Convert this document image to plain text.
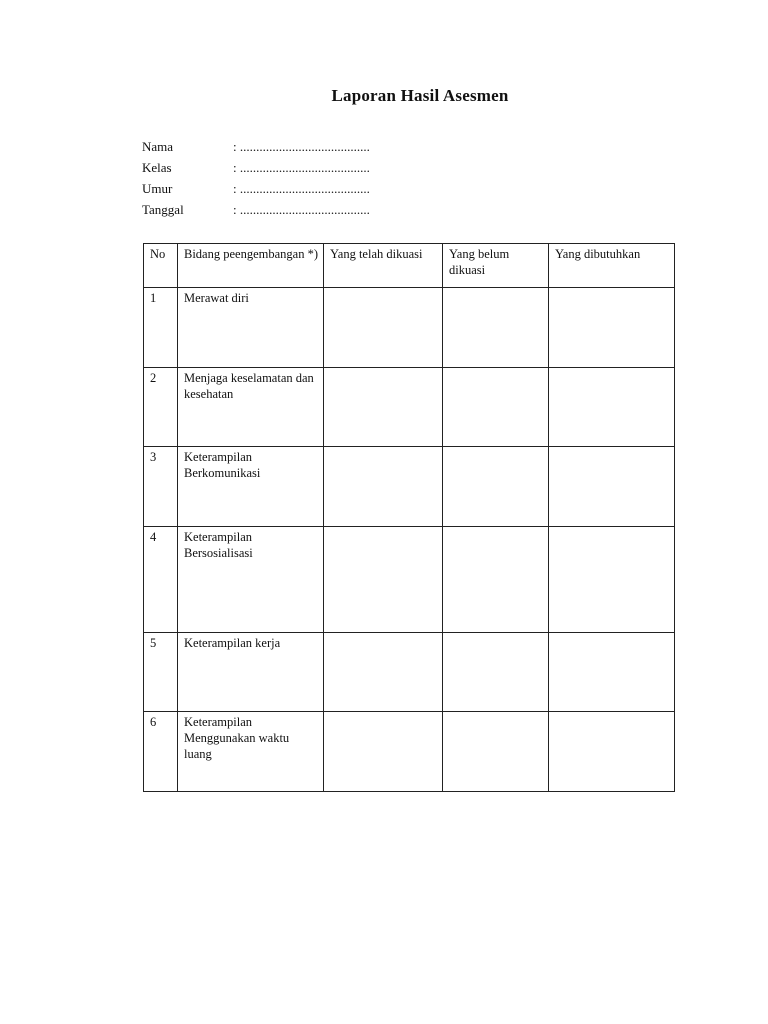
Laporan Hasil Asesmen
Nama	: ........................................
Kelas	: ........................................
Umur	: ........................................
Tanggal	: ........................................
No	Bidang peengembangan *)	Yang telah dikuasi	Yang belum dikuasi	Yang dibutuhkan
1	Merawat diri			
2	Menjaga keselamatan dan kesehatan			
3	Keterampilan Berkomunikasi			
4	Keterampilan Bersosialisasi			
5	Keterampilan kerja			
6	Keterampilan Menggunakan waktu luang			
